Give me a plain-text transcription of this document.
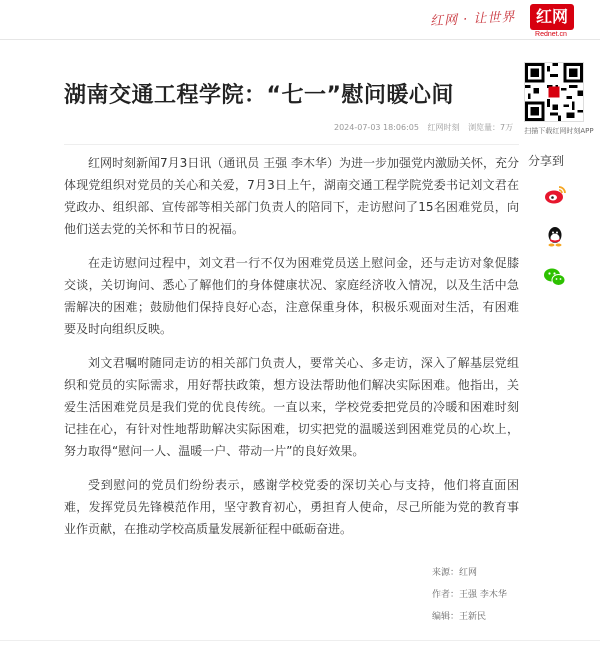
红网 · 让世界	红网
Rednet.cn
扫描下载红网时刻APP
分享到
湖南交通工程学院：“七一”慰问暖心间
2024-07-03 18:06:05 红网时刻 浏览量：7万

红网时刻新闻7月3日讯（通讯员 王强 李木华）为进一步加强党内激励关怀，充分体现党组织对党员的关心和关爱，7月3日上午，湖南交通工程学院党委书记刘文君在党政办、组织部、宣传部等相关部门负责人的陪同下，走访慰问了15名困难党员，向他们送去党的关怀和节日的祝福。

在走访慰问过程中，刘文君一行不仅为困难党员送上慰问金，还与走访对象促膝交谈，关切询问、悉心了解他们的身体健康状况、家庭经济收入情况，以及生活中急需解决的困难；鼓励他们保持良好心态，注意保重身体，积极乐观面对生活，有困难要及时向组织反映。

刘文君嘱咐随同走访的相关部门负责人，要常关心、多走访，深入了解基层党组织和党员的实际需求，用好帮扶政策，想方设法帮助他们解决实际困难。他指出，关爱生活困难党员是我们党的优良传统。一直以来，学校党委把党员的冷暖和困难时刻记挂在心，有针对性地帮助解决实际困难，切实把党的温暖送到困难党员的心坎上，努力取得“慰问一人、温暖一户、带动一片”的良好效果。

受到慰问的党员们纷纷表示，感谢学校党委的深切关心与支持，他们将直面困难，发挥党员先锋模范作用，坚守教育初心，勇担育人使命，尽己所能为党的教育事业作贡献，在推动学校高质量发展新征程中砥砺奋进。

来源：红网
作者：王强 李木华
编辑：王新民
